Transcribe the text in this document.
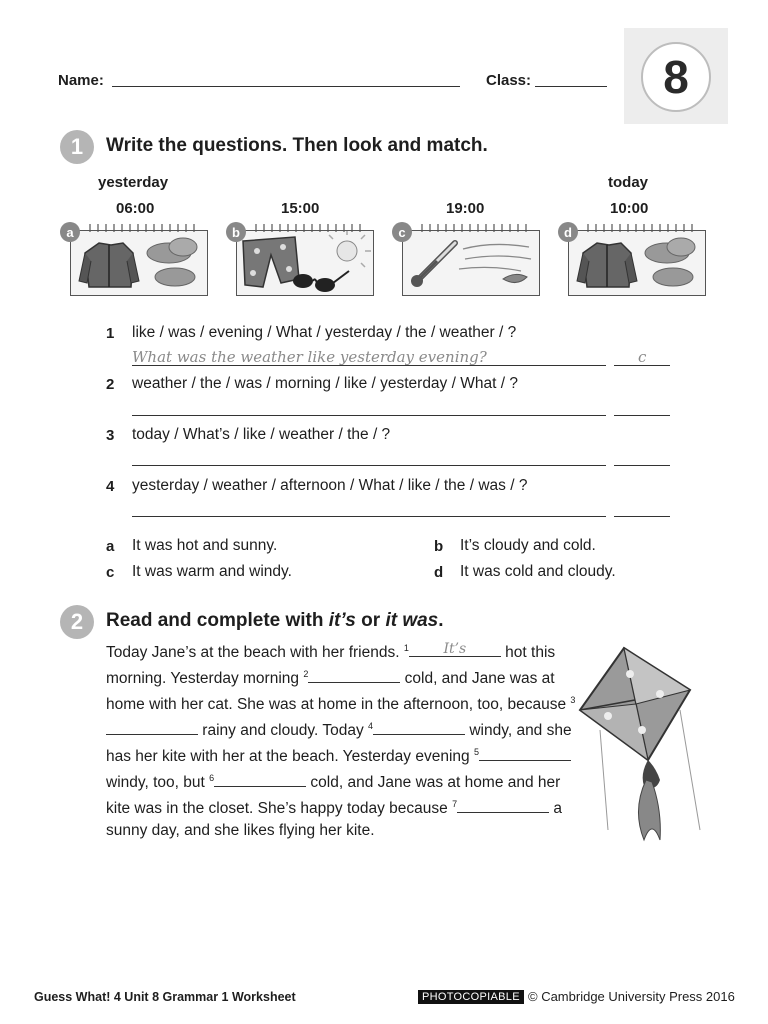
Name:	Class:	8
1	Write the questions. Then look and match.
yesterday	today
06:00	15:00	19:00	10:00
a	b	c	d
1 like / was / evening / What / yesterday / the / weather / ?
What was the weather like yesterday evening?	c
2 weather / the / was / morning / like / yesterday / What / ?
3 today / What’s / like / weather / the / ?
4 yesterday / weather / afternoon / What / like / the / was / ?
a It was hot and sunny.	b It’s cloudy and cold.
c It was warm and windy.	d It was cold and cloudy.
2	Read and complete with it’s or it was.
Today Jane’s at the beach with her friends. $^1$ It’s hot this morning. Yesterday morning $^2$	cold, and Jane was at home with her cat. She was at home in the afternoon, too, because $^3$ rainy and cloudy. Today $^4$	windy, and she has her kite with her at the beach. Yesterday evening $^5$ windy, too, but $^6$	cold, and Jane was at home and her kite was in the closet. She’s happy today because $^7$	a sunny day, and she likes flying her kite.
Guess What! 4 Unit 8 Grammar 1 Worksheet	PHOTOCOPIABLE © Cambridge University Press 2016
